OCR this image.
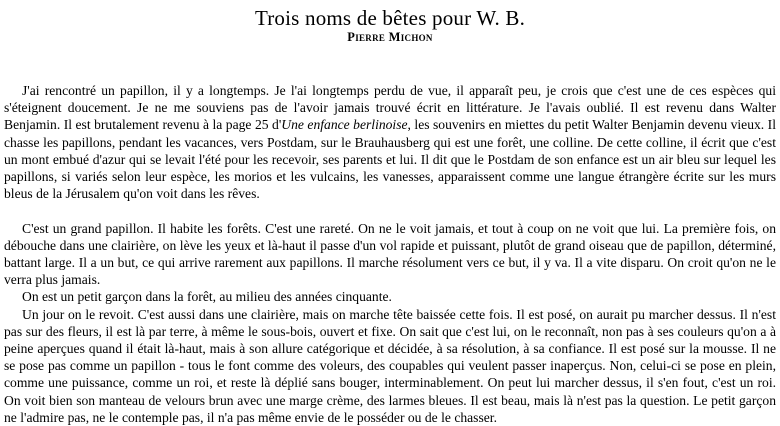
Trois noms de bêtes pour W. B.
Pierre Michon

J'ai rencontré un papillon, il y a longtemps. Je l'ai longtemps perdu de vue, il apparaît peu, je crois que c'est une de ces espèces qui s'éteignent doucement. Je ne me souviens pas de l'avoir jamais trouvé écrit en littérature. Je l'avais oublié. Il est revenu dans Walter Benjamin. Il est brutalement revenu à la page 25 d'Une enfance berlinoise, les souvenirs en miettes du petit Walter Benjamin devenu vieux. Il chasse les papillons, pendant les vacances, vers Postdam, sur le Brauhausberg qui est une forêt, une colline. De cette colline, il écrit que c'est un mont embué d'azur qui se levait l'été pour les recevoir, ses parents et lui. Il dit que le Postdam de son enfance est un air bleu sur lequel les papillons, si variés selon leur espèce, les morios et les vulcains, les vanesses, apparaissent comme une langue étrangère écrite sur les murs bleus de la Jérusalem qu'on voit dans les rêves.

C'est un grand papillon. Il habite les forêts. C'est une rareté. On ne le voit jamais, et tout à coup on ne voit que lui. La première fois, on débouche dans une clairière, on lève les yeux et là-haut il passe d'un vol rapide et puissant, plutôt de grand oiseau que de papillon, déterminé, battant large. Il a un but, ce qui arrive rarement aux papillons. Il marche résolument vers ce but, il y va. Il a vite disparu. On croit qu'on ne le verra plus jamais.

On est un petit garçon dans la forêt, au milieu des années cinquante.

Un jour on le revoit. C'est aussi dans une clairière, mais on marche tête baissée cette fois. Il est posé, on aurait pu marcher dessus. Il n'est pas sur des fleurs, il est là par terre, à même le sous-bois, ouvert et fixe. On sait que c'est lui, on le reconnaît, non pas à ses couleurs qu'on a à peine aperçues quand il était là-haut, mais à son allure catégorique et décidée, à sa résolution, à sa confiance. Il est posé sur la mousse. Il ne se pose pas comme un papillon - tous le font comme des voleurs, des coupables qui veulent passer inaperçus. Non, celui-ci se pose en plein, comme une puissance, comme un roi, et reste là déplié sans bouger, interminablement. On peut lui marcher dessus, il s'en fout, c'est un roi. On voit bien son manteau de velours brun avec une marge crème, des larmes bleues. Il est beau, mais là n'est pas la question. Le petit garçon ne l'admire pas, ne le contemple pas, il n'a pas même envie de le posséder ou de le chasser.
